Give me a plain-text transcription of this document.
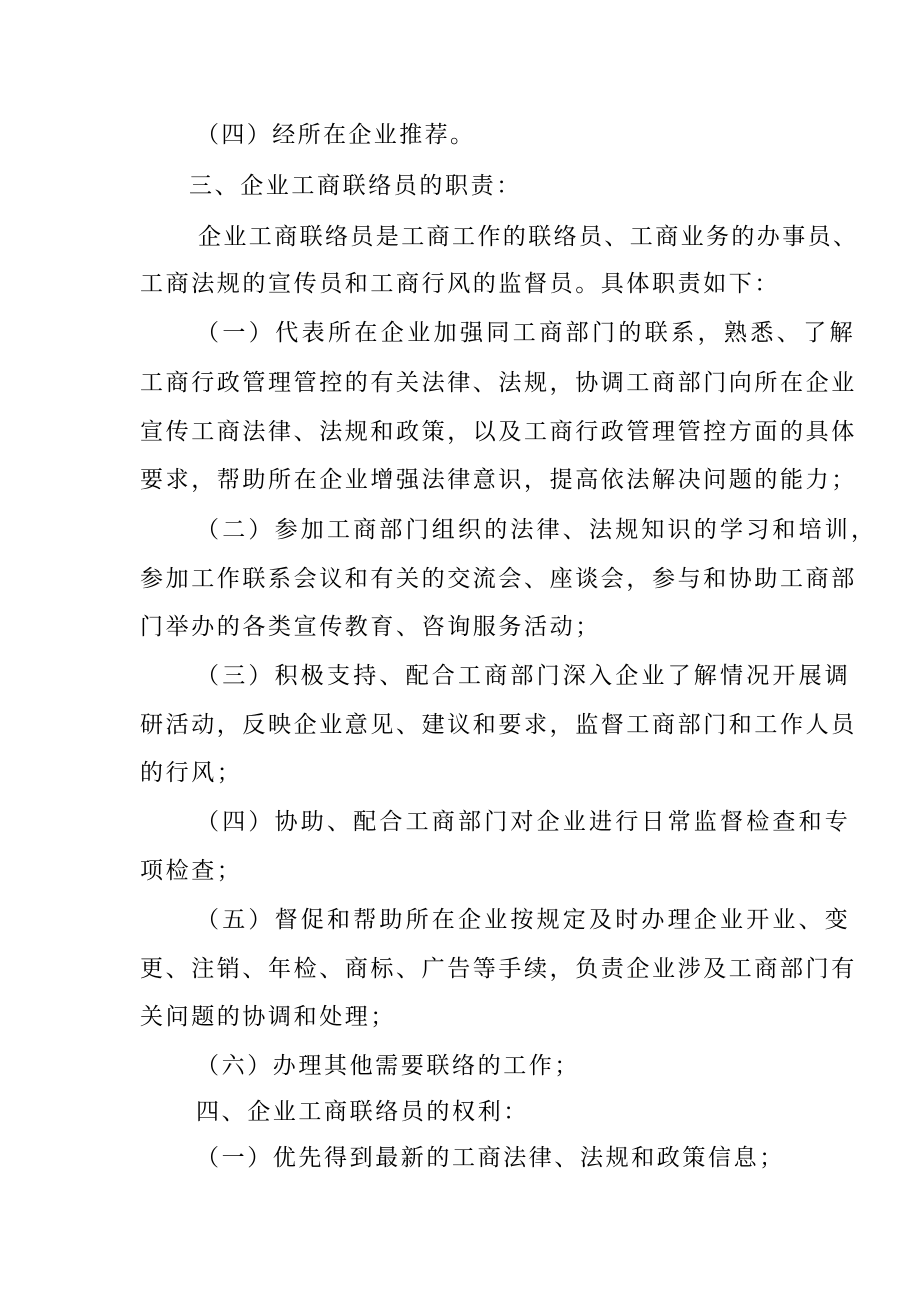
（四）经所在企业推荐。
三、企业工商联络员的职责：
企业工商联络员是工商工作的联络员、工商业务的办事员、
工商法规的宣传员和工商行风的监督员。具体职责如下：
（一）代表所在企业加强同工商部门的联系，熟悉、了解
工商行政管理管控的有关法律、法规，协调工商部门向所在企业
宣传工商法律、法规和政策，以及工商行政管理管控方面的具体
要求，帮助所在企业增强法律意识，提高依法解决问题的能力；
（二）参加工商部门组织的法律、法规知识的学习和培训，
参加工作联系会议和有关的交流会、座谈会，参与和协助工商部
门举办的各类宣传教育、咨询服务活动；
（三）积极支持、配合工商部门深入企业了解情况开展调
研活动，反映企业意见、建议和要求，监督工商部门和工作人员
的行风；
（四）协助、配合工商部门对企业进行日常监督检查和专
项检查；
（五）督促和帮助所在企业按规定及时办理企业开业、变
更、注销、年检、商标、广告等手续，负责企业涉及工商部门有
关问题的协调和处理；
（六）办理其他需要联络的工作；
四、企业工商联络员的权利：
（一）优先得到最新的工商法律、法规和政策信息；
